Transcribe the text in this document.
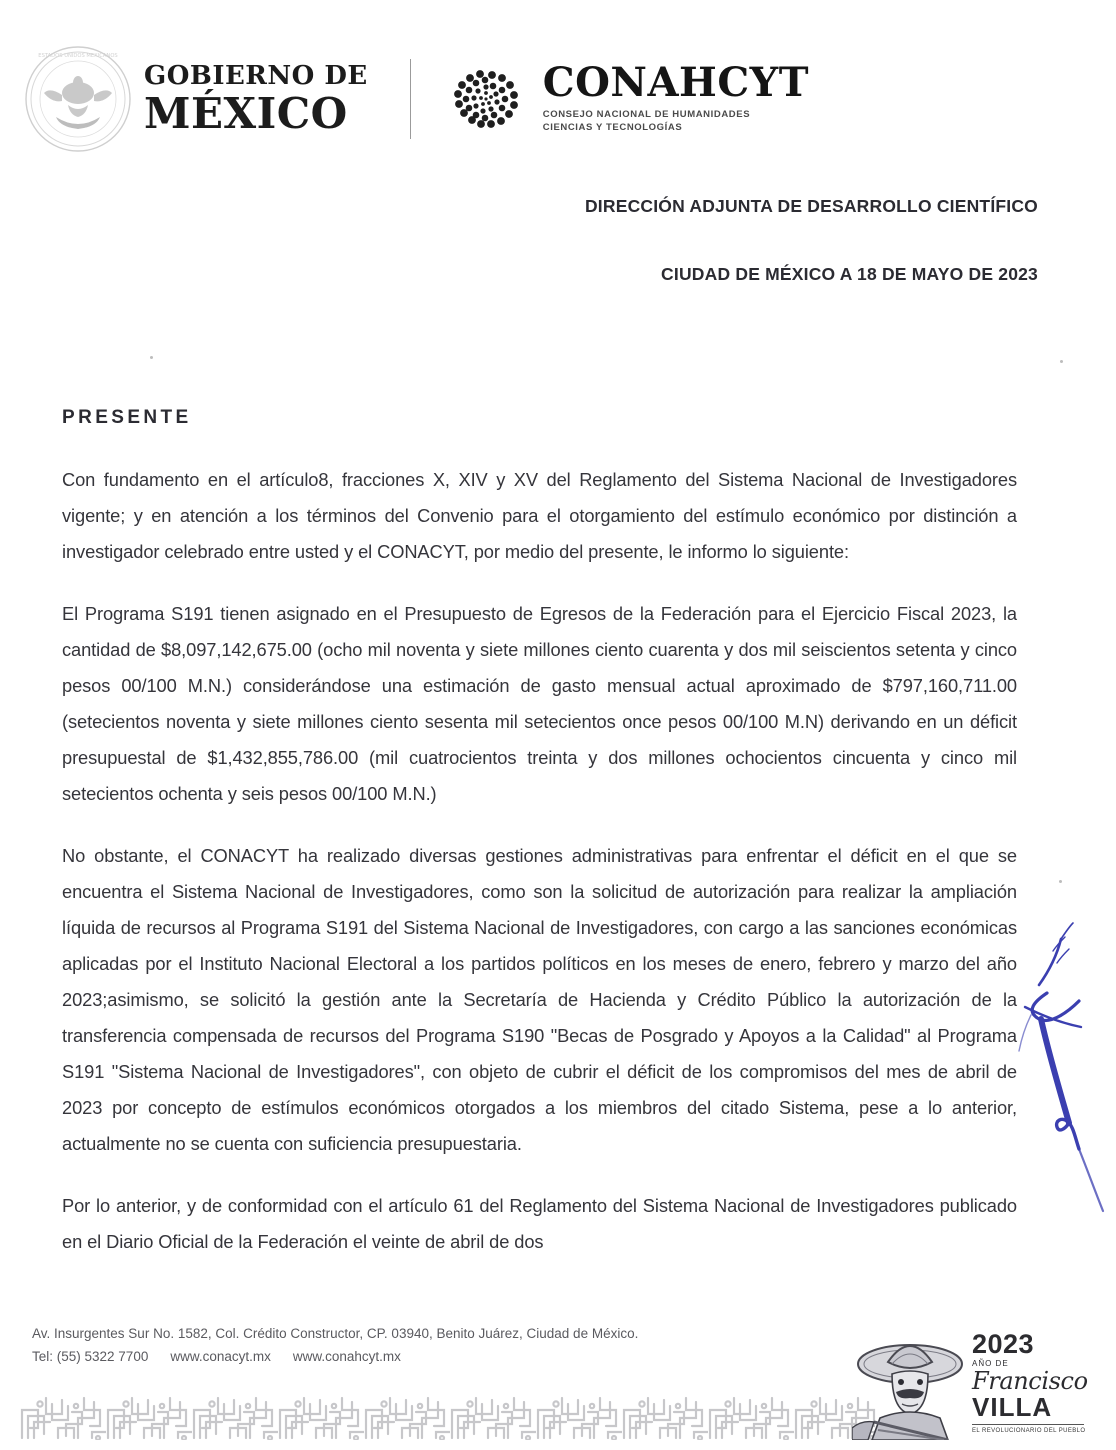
ESTADOS UNIDOS MEXICANOS
GOBIERNO DE
MÉXICO
CONAHCYT
CONSEJO NACIONAL DE HUMANIDADES
CIENCIAS Y TECNOLOGÍAS
DIRECCIÓN ADJUNTA DE DESARROLLO CIENTÍFICO
CIUDAD DE MÉXICO A 18 DE MAYO DE 2023
PRESENTE

Con fundamento en el artículo8, fracciones X, XIV y XV del Reglamento del Sistema Nacional de Investigadores vigente; y en atención a los términos del Convenio para el otorgamiento del estímulo económico por distinción a investigador celebrado entre usted y el CONACYT, por medio del presente, le informo lo siguiente:

El Programa S191 tienen asignado en el Presupuesto de Egresos de la Federación para el Ejercicio Fiscal 2023, la cantidad de $8,097,142,675.00 (ocho mil noventa y siete millones ciento cuarenta y dos mil seiscientos setenta y cinco pesos 00/100 M.N.) considerándose una estimación de gasto mensual actual aproximado de $797,160,711.00 (setecientos noventa y siete millones ciento sesenta mil setecientos once pesos 00/100 M.N) derivando en un déficit presupuestal de $1,432,855,786.00 (mil cuatrocientos treinta y dos millones ochocientos cincuenta y cinco mil setecientos ochenta y seis pesos 00/100 M.N.)

No obstante, el CONACYT ha realizado diversas gestiones administrativas para enfrentar el déficit en el que se encuentra el Sistema Nacional de Investigadores, como son la solicitud de autorización para realizar la ampliación líquida de recursos al Programa S191 del Sistema Nacional de Investigadores, con cargo a las sanciones económicas aplicadas por el Instituto Nacional Electoral a los partidos políticos en los meses de enero, febrero y marzo del año 2023;asimismo, se solicitó la gestión ante la Secretaría de Hacienda y Crédito Público la autorización de la transferencia compensada de recursos del Programa S190 "Becas de Posgrado y Apoyos a la Calidad" al Programa S191 "Sistema Nacional de Investigadores", con objeto de cubrir el déficit de los compromisos del mes de abril de 2023 por concepto de estímulos económicos otorgados a los miembros del citado Sistema, pese a lo anterior, actualmente no se cuenta con suficiencia presupuestaria.

Por lo anterior, y de conformidad con el artículo 61 del Reglamento del Sistema Nacional de Investigadores publicado en el Diario Oficial de la Federación el veinte de abril de dos

Av. Insurgentes Sur No. 1582, Col. Crédito Constructor, CP. 03940, Benito Juárez, Ciudad de México.
Tel: (55) 5322 7700 www.conacyt.mx www.conahcyt.mx	2023
AÑO DE
Francisco
VILLA
EL REVOLUCIONARIO DEL PUEBLO
